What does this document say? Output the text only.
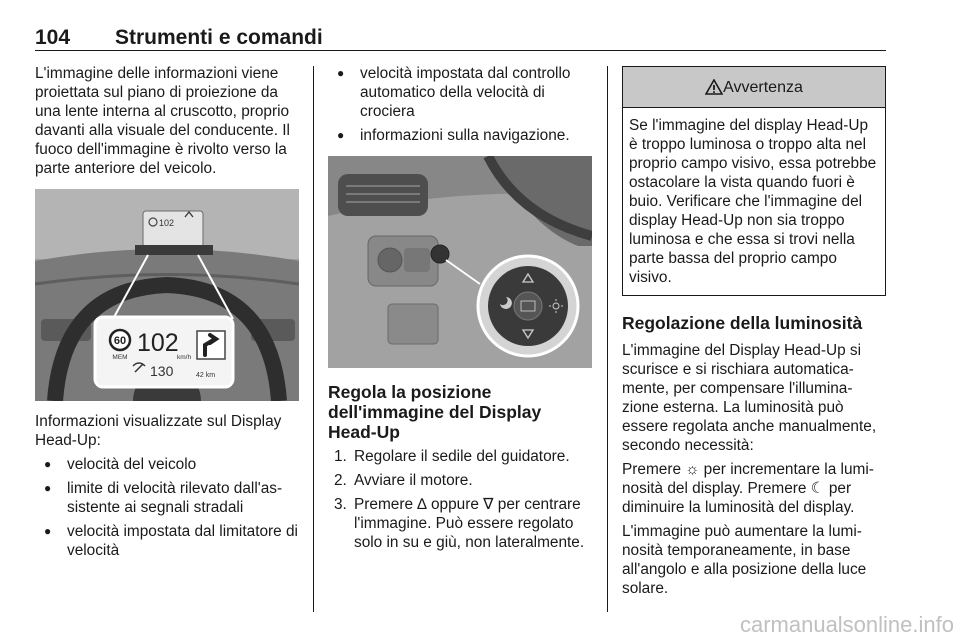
104 Strumenti e comandi

L'immagine delle informazioni viene proiettata sul piano di proiezione da una lente interna al cruscotto, proprio davanti alla visuale del conducente. Il fuoco dell'immagine è rivolto verso la parte anteriore del veicolo.

102
60
MEM
102
km/h
130	42 km

Informazioni visualizzate sul Display Head-Up:

● velocità del veicolo
● limite di velocità rilevato dall'as-sistente ai segnali stradali
● velocità impostata dal limitatore di velocità
● velocità impostata dal controllo automatico della velocità di crociera
● informazioni sulla navigazione.

Regola la posizione dell'immagine del Display Head-Up

1. Regolare il sedile del guidatore.
2. Avviare il motore.
3. Premere ∆ oppure ∇ per centrare l'immagine. Può essere regolato solo in su e giù, non lateralmente.
Avvertenza
Se l'immagine del display Head-Up è troppo luminosa o troppo alta nel proprio campo visivo, essa potrebbe ostacolare la vista quando fuori è buio. Verificare che l'immagine del display Head-Up non sia troppo luminosa e che essa si trovi nella parte bassa del proprio campo visivo.

Regolazione della luminosità

L'immagine del Display Head-Up si scurisce e si rischiara automatica-mente, per compensare l'illumina-zione esterna. La luminosità può essere regolata anche manualmente, secondo necessità:

Premere ☼ per incrementare la lumi-nosità del display. Premere ☾ per diminuire la luminosità del display.

L'immagine può aumentare la lumi-nosità temporaneamente, in base all'angolo e alla posizione della luce solare.

carmanualsonline.info
